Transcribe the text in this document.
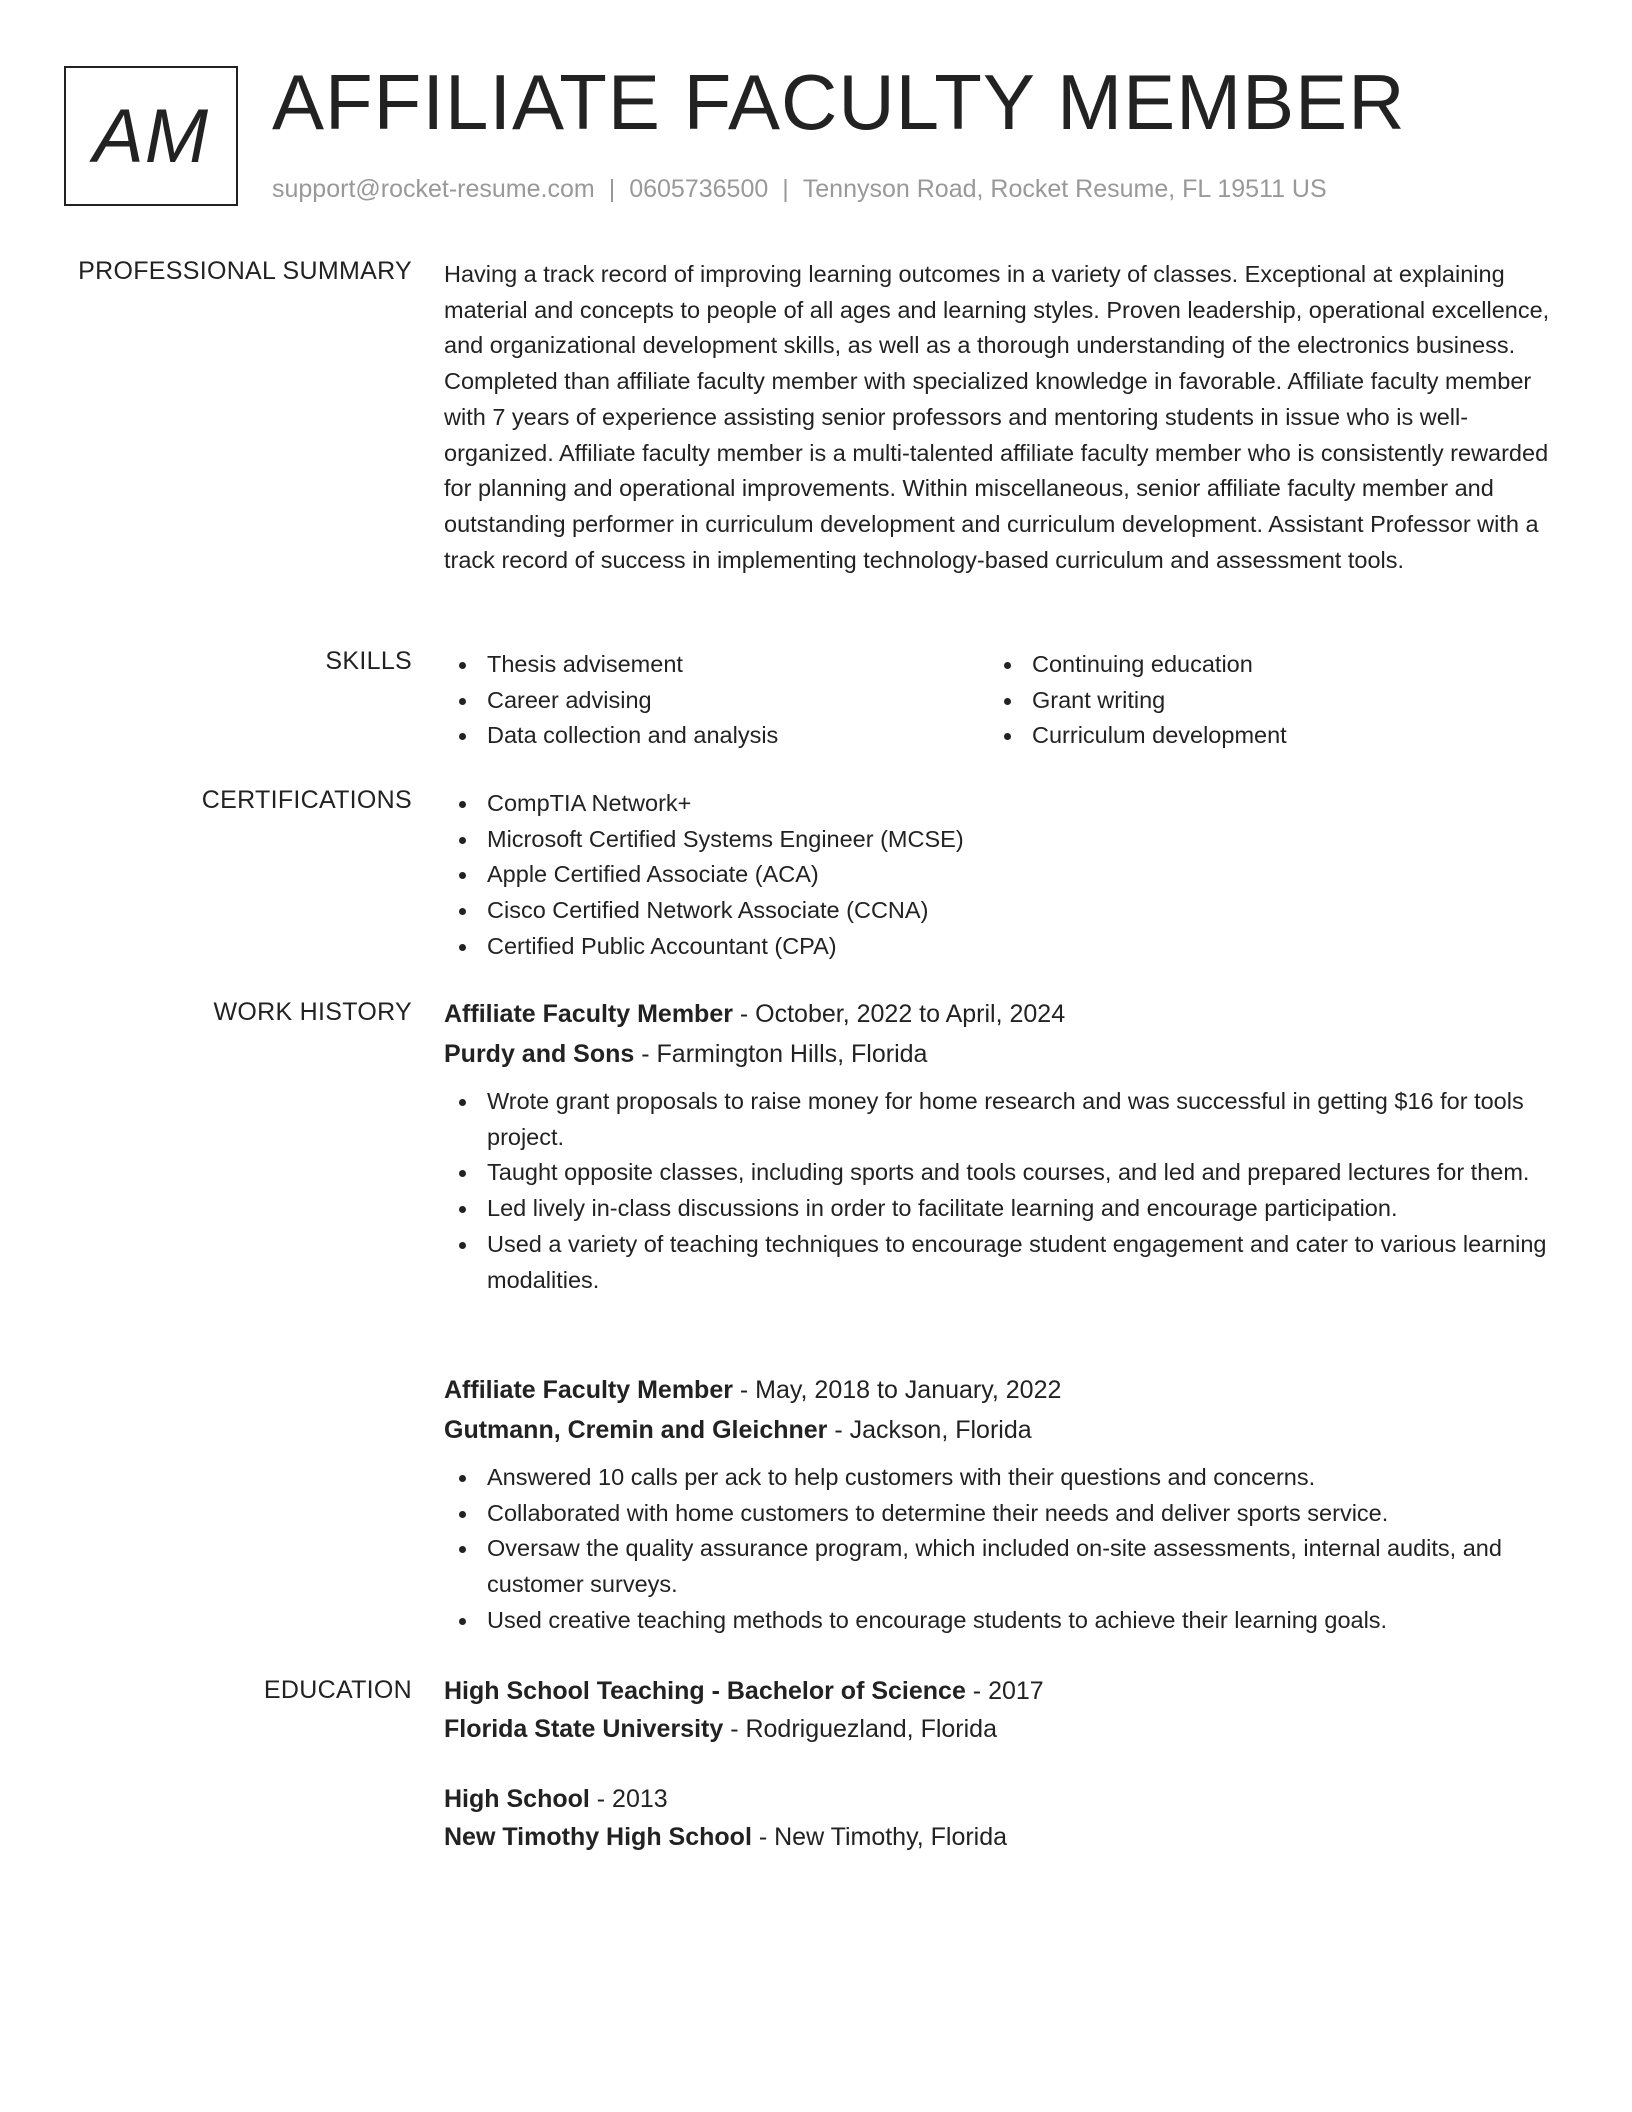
AM AFFILIATE FACULTY MEMBER
support@rocket-resume.com | 0605736500 | Tennyson Road, Rocket Resume, FL 19511 US
PROFESSIONAL SUMMARY Having a track record of improving learning outcomes in a variety of classes. Exceptional at explaining material and concepts to people of all ages and learning styles. Proven leadership, operational excellence, and organizational development skills, as well as a thorough understanding of the electronics business. Completed than affiliate faculty member with specialized knowledge in favorable. Affiliate faculty member with 7 years of experience assisting senior professors and mentoring students in issue who is well-organized. Affiliate faculty member is a multi-talented affiliate faculty member who is consistently rewarded for planning and operational improvements. Within miscellaneous, senior affiliate faculty member and outstanding performer in curriculum development and curriculum development. Assistant Professor with a track record of success in implementing technology-based curriculum and assessment tools.

SKILLS	Thesis advisement
Career advising
Data collection and analysis
Continuing education
Grant writing
Curriculum development
CERTIFICATIONS	CompTIA Network+
Microsoft Certified Systems Engineer (MCSE)
Apple Certified Associate (ACA)
Cisco Certified Network Associate (CCNA)
Certified Public Accountant (CPA)
WORK HISTORY Affiliate Faculty Member - October, 2022 to April, 2024
Purdy and Sons - Farmington Hills, Florida
Wrote grant proposals to raise money for home research and was successful in getting $16 for tools project.
Taught opposite classes, including sports and tools courses, and led and prepared lectures for them.
Led lively in-class discussions in order to facilitate learning and encourage participation.
Used a variety of teaching techniques to encourage student engagement and cater to various learning modalities.
Affiliate Faculty Member - May, 2018 to January, 2022
Gutmann, Cremin and Gleichner - Jackson, Florida
Answered 10 calls per ack to help customers with their questions and concerns.
Collaborated with home customers to determine their needs and deliver sports service.
Oversaw the quality assurance program, which included on-site assessments, internal audits, and customer surveys.
Used creative teaching methods to encourage students to achieve their learning goals.
EDUCATION High School Teaching - Bachelor of Science - 2017
Florida State University - Rodriguezland, Florida
High School - 2013
New Timothy High School - New Timothy, Florida
